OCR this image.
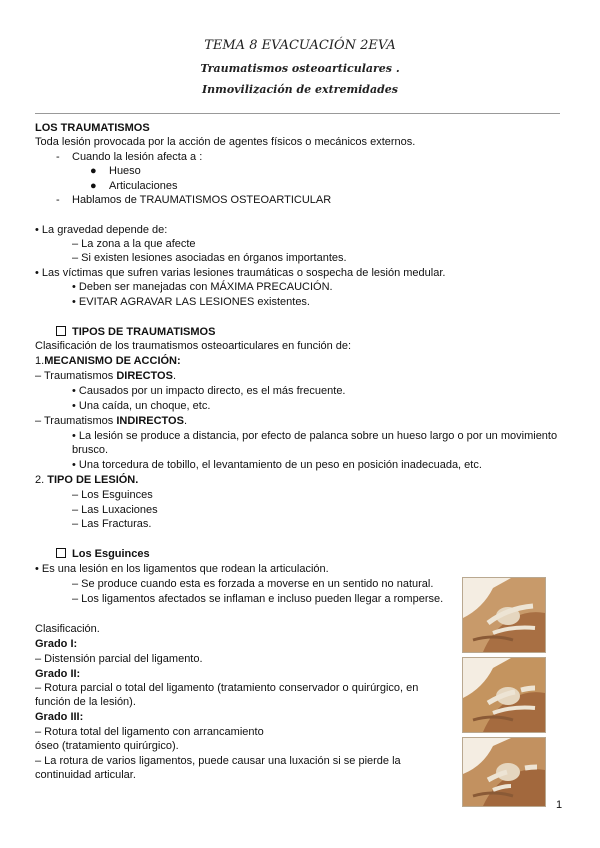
TEMA 8 EVACUACIÓN 2EVA
Traumatismos osteoarticulares .
Inmovilización de extremidades
LOS TRAUMATISMOS
Toda lesión provocada por la acción de agentes físicos o mecánicos externos.
- Cuando la lesión afecta a :
● Hueso
● Articulaciones
- Hablamos de TRAUMATISMOS OSTEOARTICULAR
• La gravedad depende de:
– La zona a la que afecte
– Si existen lesiones asociadas en órganos importantes.
• Las víctimas que sufren varias lesiones traumáticas o sospecha de lesión medular.
• Deben ser manejadas con MÁXIMA PRECAUCIÓN.
• EVITAR AGRAVAR LAS LESIONES existentes.
TIPOS DE TRAUMATISMOS
Clasificación de los traumatismos osteoarticulares en función de:
1.MECANISMO DE ACCIÓN:
– Traumatismos DIRECTOS.
• Causados por un impacto directo, es el más frecuente.
• Una caída, un choque, etc.
– Traumatismos INDIRECTOS.
• La lesión se produce a distancia, por efecto de palanca sobre un hueso largo o por un movimiento brusco.
• Una torcedura de tobillo, el levantamiento de un peso en posición inadecuada, etc.
2. TIPO DE LESIÓN.
– Los Esguinces
– Las Luxaciones
– Las Fracturas.
Los Esguinces
• Es una lesión en los ligamentos que rodean la articulación.
– Se produce cuando esta es forzada a moverse en un sentido no natural.
– Los ligamentos afectados se inflaman e incluso pueden llegar a romperse.
Clasificación.
Grado I:
– Distensión parcial del ligamento.
Grado II:
– Rotura parcial o total del ligamento (tratamiento conservador o quirúrgico, en función de la lesión).
Grado III:
– Rotura total del ligamento con arrancamiento
óseo (tratamiento quirúrgico).
– La rotura de varios ligamentos, puede causar una luxación si se pierde la continuidad articular.
1
